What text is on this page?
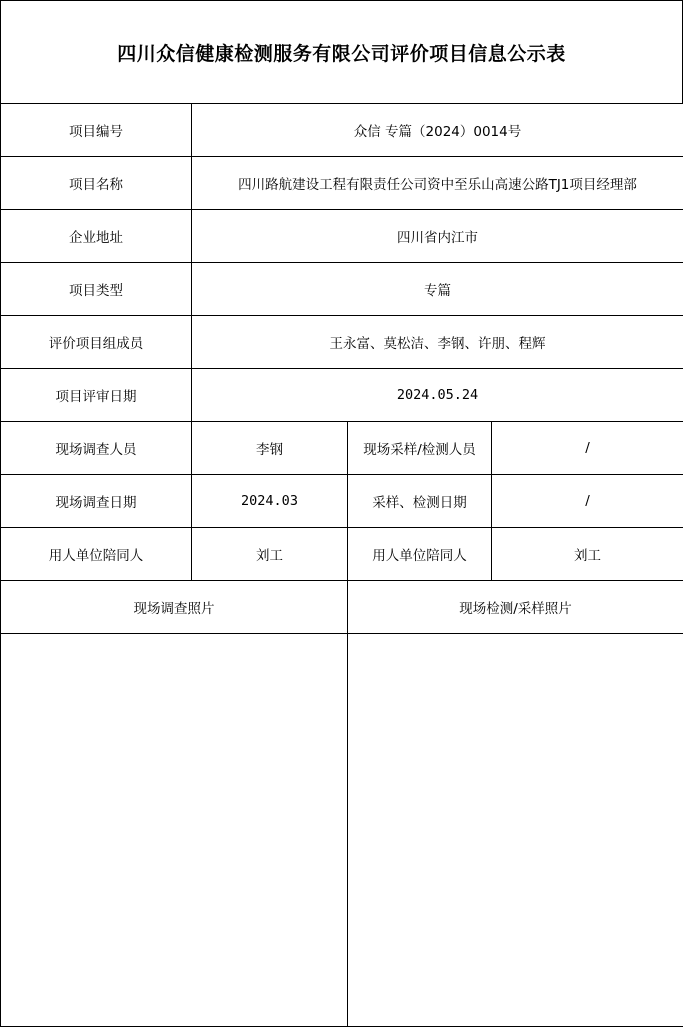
四川众信健康检测服务有限公司评价项目信息公示表
项目编号	众信 专篇（2024）0014号		
项目名称	四川路航建设工程有限责任公司资中至乐山高速公路TJ1项目经理部		
企业地址	四川省内江市		
项目类型	专篇		
评价项目组成员	王永富、莫松洁、李钢、许朋、程辉		
项目评审日期	2024.05.24		
现场调查人员	李钢	现场采样/检测人员	/
现场调查日期	2024.03	采样、检测日期	/
用人单位陪同人	刘工	用人单位陪同人	刘工
现场调查照片		现场检测/采样照片	
